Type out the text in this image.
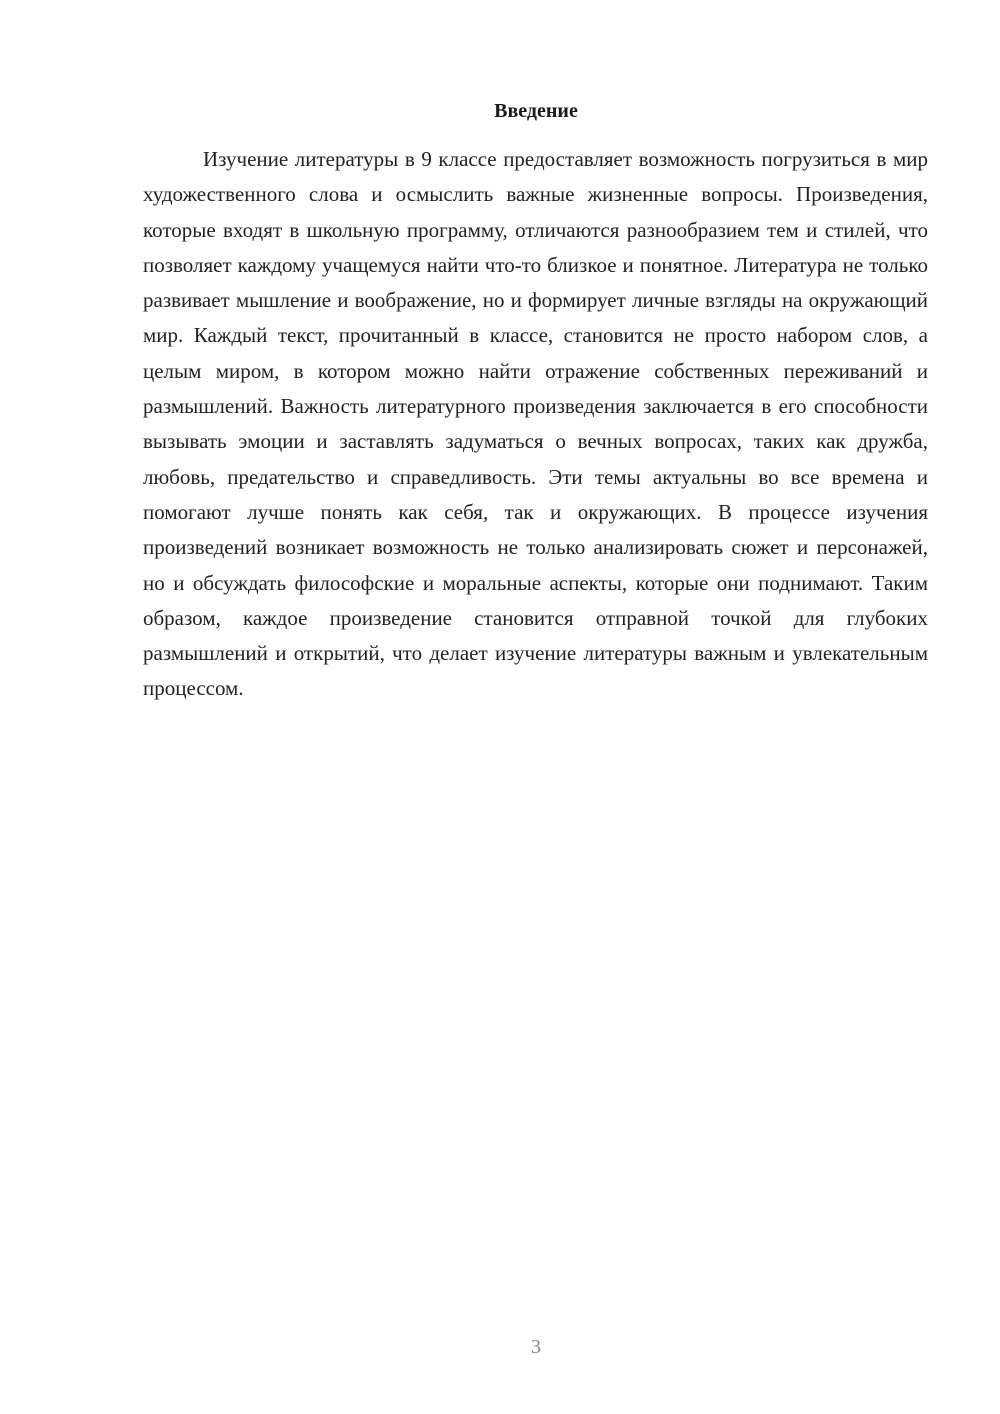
Введение

Изучение литературы в 9 классе предоставляет возможность погрузиться в мир художественного слова и осмыслить важные жизненные вопросы. Произведения, которые входят в школьную программу, отличаются разнообразием тем и стилей, что позволяет каждому учащемуся найти что-то близкое и понятное. Литература не только развивает мышление и воображение, но и формирует личные взгляды на окружающий мир. Каждый текст, прочитанный в классе, становится не просто набором слов, а целым миром, в котором можно найти отражение собственных переживаний и размышлений. Важность литературного произведения заключается в его способности вызывать эмоции и заставлять задуматься о вечных вопросах, таких как дружба, любовь, предательство и справедливость. Эти темы актуальны во все времена и помогают лучше понять как себя, так и окружающих. В процессе изучения произведений возникает возможность не только анализировать сюжет и персонажей, но и обсуждать философские и моральные аспекты, которые они поднимают. Таким образом, каждое произведение становится отправной точкой для глубоких размышлений и открытий, что делает изучение литературы важным и увлекательным процессом.

3
